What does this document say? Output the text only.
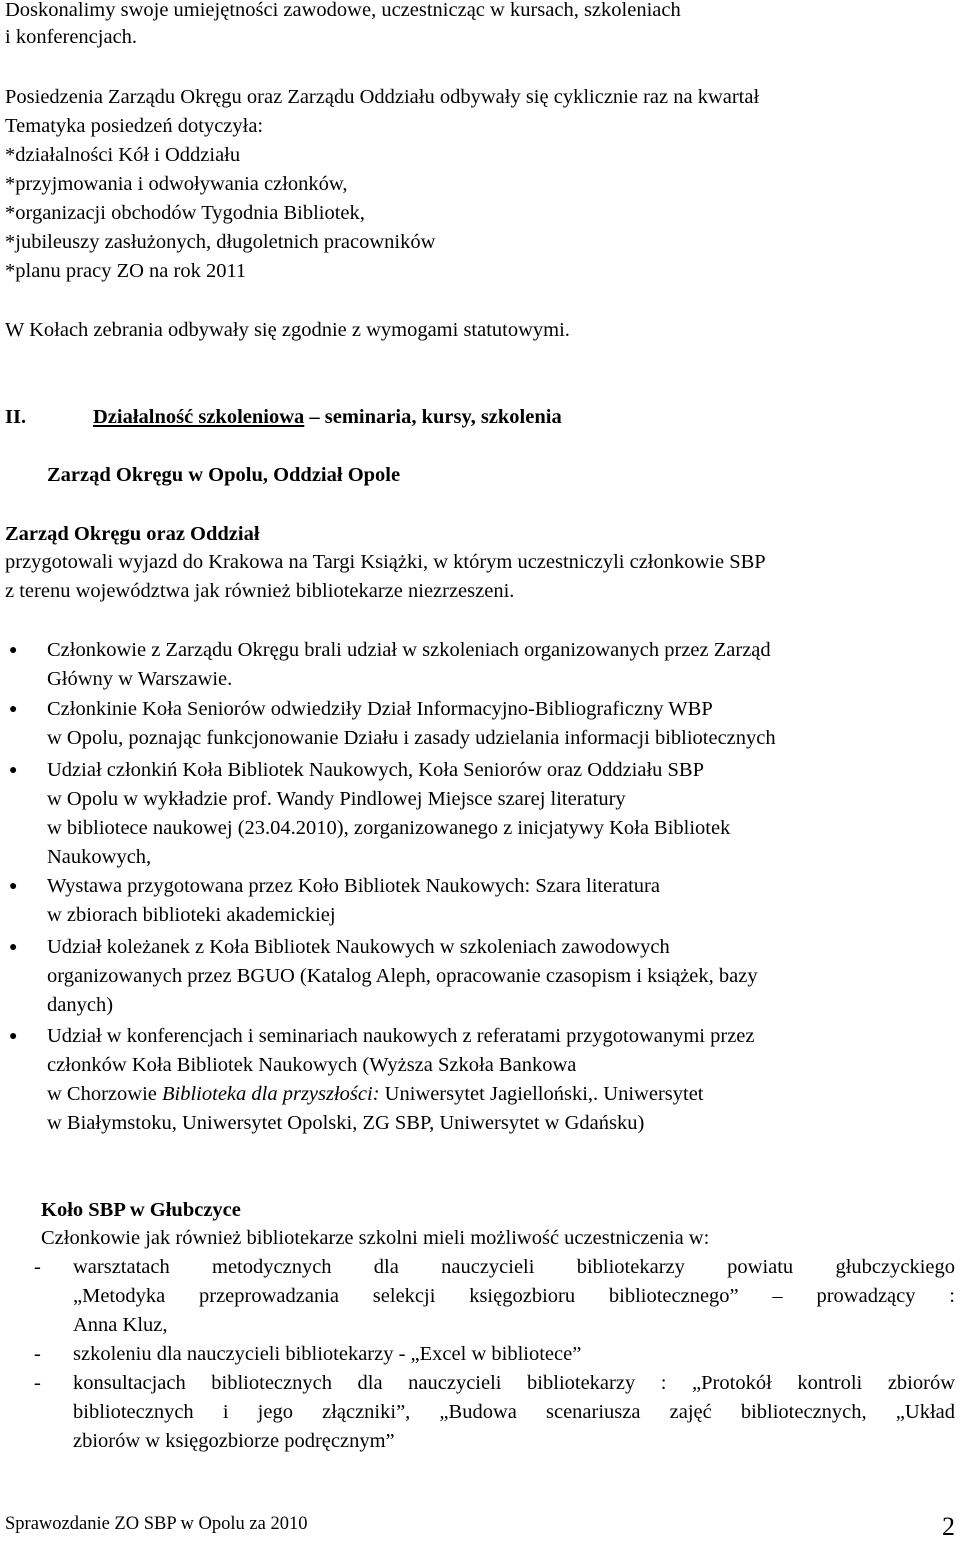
Doskonalimy swoje umiejętności zawodowe, uczestnicząc w kursach, szkoleniach
i konferencjach.
Posiedzenia Zarządu Okręgu oraz Zarządu Oddziału odbywały się cyklicznie raz na kwartał
Tematyka posiedzeń dotyczyła:
*działalności Kół i Oddziału
*przyjmowania i odwoływania członków,
*organizacji obchodów Tygodnia Bibliotek,
*jubileuszy zasłużonych, długoletnich pracowników
*planu pracy ZO na rok 2011
W Kołach zebrania odbywały się zgodnie z wymogami statutowymi.
II.	Działalność szkoleniowa – seminaria, kursy, szkolenia
Zarząd Okręgu w Opolu, Oddział Opole
Zarząd Okręgu oraz Oddział
przygotowali wyjazd do Krakowa na Targi Książki, w którym uczestniczyli członkowie SBP
z terenu województwa jak również bibliotekarze niezrzeszeni.
● Członkowie z Zarządu Okręgu brali udział w szkoleniach organizowanych przez Zarząd
Główny w Warszawie.
● Członkinie Koła Seniorów odwiedziły Dział Informacyjno-Bibliograficzny WBP
w Opolu, poznając funkcjonowanie Działu i zasady udzielania informacji bibliotecznych
● Udział członkiń Koła Bibliotek Naukowych, Koła Seniorów oraz Oddziału SBP
w Opolu w wykładzie prof. Wandy Pindlowej Miejsce szarej literatury
w bibliotece naukowej (23.04.2010), zorganizowanego z inicjatywy Koła Bibliotek
Naukowych,
● Wystawa przygotowana przez Koło Bibliotek Naukowych: Szara literatura
w zbiorach biblioteki akademickiej
● Udział koleżanek z Koła Bibliotek Naukowych w szkoleniach zawodowych
organizowanych przez BGUO (Katalog Aleph, opracowanie czasopism i książek, bazy
danych)
● Udział w konferencjach i seminariach naukowych z referatami przygotowanymi przez
członków Koła Bibliotek Naukowych (Wyższa Szkoła Bankowa
w Chorzowie Biblioteka dla przyszłości: Uniwersytet Jagielloński,. Uniwersytet
w Białymstoku, Uniwersytet Opolski, ZG SBP, Uniwersytet w Gdańsku)
Koło SBP w Głubczyce
Członkowie jak również bibliotekarze szkolni mieli możliwość uczestniczenia w:
- warsztatach metodycznych dla nauczycieli bibliotekarzy powiatu głubczyckiego
„Metodyka przeprowadzania selekcji księgozbioru bibliotecznego” – prowadzący :
Anna Kluz,
- szkoleniu dla nauczycieli bibliotekarzy - „Excel w bibliotece”
- konsultacjach bibliotecznych dla nauczycieli bibliotekarzy : „Protokół kontroli zbiorów
bibliotecznych i jego złączniki”, „Budowa scenariusza zajęć bibliotecznych, „Układ
zbiorów w księgozbiorze podręcznym”
Sprawozdanie ZO SBP w Opolu za 2010	2
